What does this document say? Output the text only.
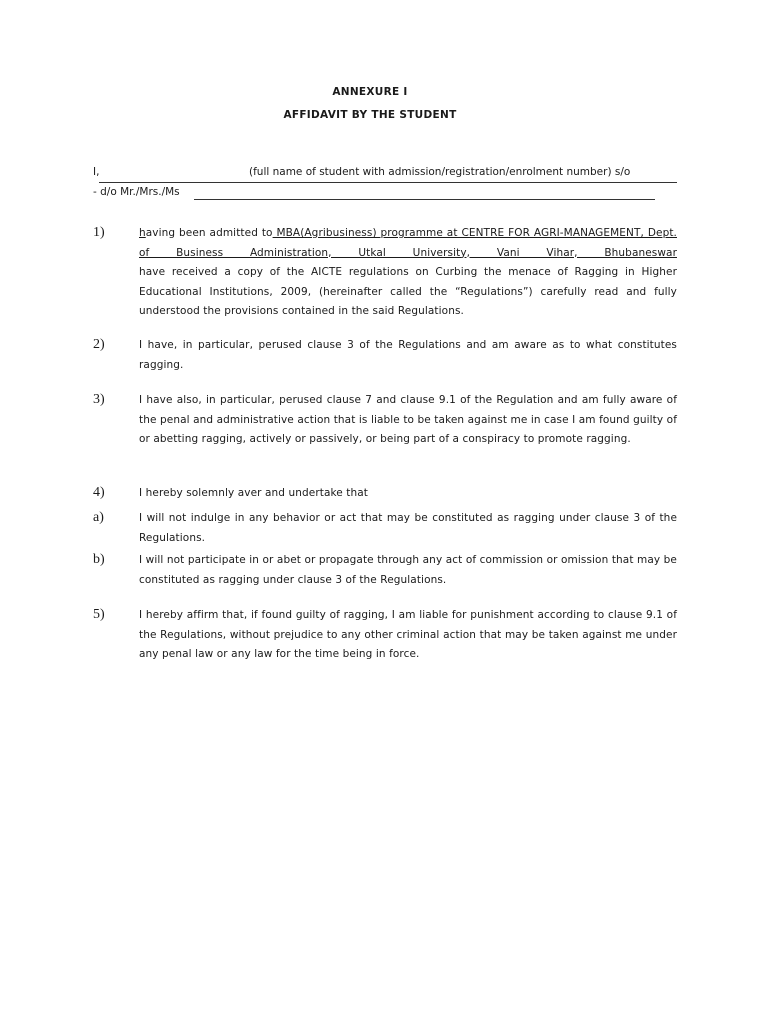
ANNEXURE I
AFFIDAVIT BY THE STUDENT
I,	(full name of student with admission/registration/enrolment number) s/o
- d/o Mr./Mrs./Ms
1)	having been admitted to MBA(Agribusiness) programme at CENTRE FOR AGRI-MANAGEMENT, Dept. of Business Administration, Utkal University, Vani Vihar, Bhubaneswar

have received a copy of the AICTE regulations on Curbing the menace of Ragging in Higher Educational Institutions, 2009, (hereinafter called the “Regulations”) carefully read and fully understood the provisions contained in the said Regulations.

2)	I have, in particular, perused clause 3 of the Regulations and am aware as to what constitutes ragging.
3)	I have also, in particular, perused clause 7 and clause 9.1 of the Regulation and am fully aware of the penal and administrative action that is liable to be taken against me in case I am found guilty of or abetting ragging, actively or passively, or being part of a conspiracy to promote ragging.
4)	I hereby solemnly aver and undertake that
a)	I will not indulge in any behavior or act that may be constituted as ragging under clause 3 of the Regulations.
b)	I will not participate in or abet or propagate through any act of commission or omission that may be constituted as ragging under clause 3 of the Regulations.
5)	I hereby affirm that, if found guilty of ragging, I am liable for punishment according to clause 9.1 of the Regulations, without prejudice to any other criminal action that may be taken against me under any penal law or any law for the time being in force.
